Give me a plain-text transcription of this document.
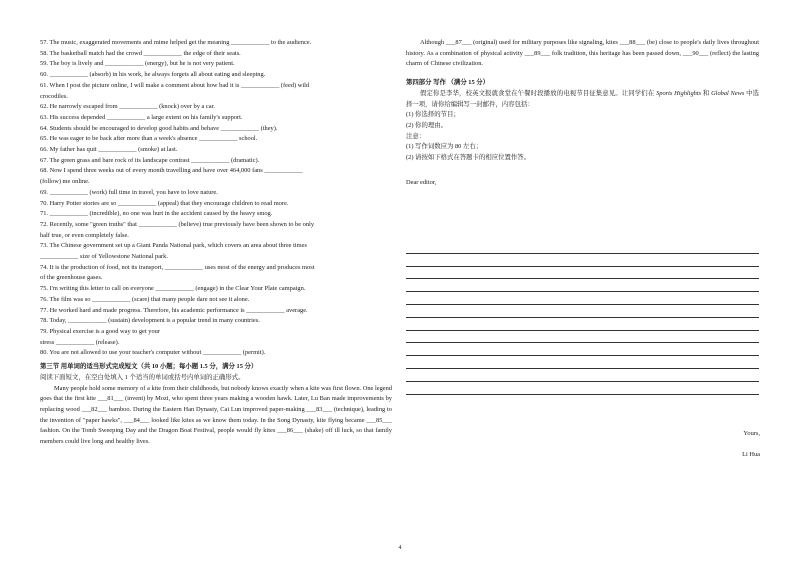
57. The music, exaggerated movements and mime helped get the meaning ____________ to the audience.
58. The basketball match had the crowd ____________ the edge of their seats.
59. The boy is lively and ____________ (energy), but he is not very patient.
60. ____________ (absorb) in his work, he always forgets all about eating and sleeping.
61. When I post the picture online, I will make a comment about how bad it is ____________ (feed) wild
crocodiles.
62. He narrowly escaped from ____________ (knock) over by a car.
63. His success depended ____________ a large extent on his family's support.
64. Students should be encouraged to develop good habits and behave ____________ (they).
65. He was eager to be back after more than a week's absence ____________ school.
66. My father has quit ____________ (smoke) at last.
67. The green grass and bare rock of its landscape contrast ____________ (dramatic).
68. Now I spend three weeks out of every month travelling and have over 464,000 fans ____________
(follow) me online.
69. ____________ (work) full time in travel, you have to love nature.
70. Harry Potter stories are so ____________ (appeal) that they encourage children to read more.
71. ____________ (incredible), no one was hurt in the accident caused by the heavy smog.
72. Recently, some "green truths" that ____________ (believe) true previously have been shown to be only
half true, or even completely false.
73. The Chinese government set up a Giant Panda National park, which covers an area about three times
____________ size of Yellowstone National park.
74. It is the production of food, not its transport, ____________ uses most of the energy and produces most
of the greenhouse gases.
75. I'm writing this letter to call on everyone ____________ (engage) in the Clear Your Plate campaign.
76. The film was so ____________ (scare) that many people dare not see it alone.
77. He worked hard and made progress. Therefore, his academic performance is ____________ average.
78. Today, ____________ (sustain) development is a popular trend in many countries.
79. Physical exercise is a good way to get your
stress ____________ (release).
80. You are not allowed to use your teacher's computer without ____________ (permit).
第三节 用单词的适当形式完成短文（共 10 小题；每小题 1.5 分，满分 15 分）
阅读下面短文，在空白处填入 1 个适当的单词或括号内单词的正确形式。
Many people hold some memory of a kite from their childhoods, but nobody knows exactly when a kite was first flown. One legend goes that the first kite ___81___ (invent) by Mozi, who spent three years making a wooden hawk. Later, Lu Ban made improvements by replacing wood ___82___ bamboo. During the Eastern Han Dynasty, Cai Lun improved paper-making ___83___ (technique), leading to the invention of "paper hawks", ___84___ looked like kites as we know them today. In the Song Dynasty, kite flying became ___85___ fashion. On the Tomb Sweeping Day and the Dragon Boat Festival, people would fly kites ___86___ (shake) off ill luck, so that family members could live long and healthy lives.
Although ___87___ (original) used for military purposes like signaling, kites ___88___ (be) close to people's daily lives throughout history. As a combination of physical activity ___89___ folk tradition, this heritage has been passed down, ___90___ (reflect) the lasting charm of Chinese civilization.
第四部分 写作 （满分 15 分）
假定你是李华，校英文报就食堂在午餐时段播放的电视节目征集意见。让同学们在 Sports Highlights 和 Global News 中选择一项，请你给编辑写一封邮件，内容包括：
(1) 你选择的节目；
(2) 你的理由。
注意：
(1) 写作词数应为 80 左右；
(2) 请按如下格式在答题卡的相应位置作答。
Dear editor,
Yours,
Li Hua
4
